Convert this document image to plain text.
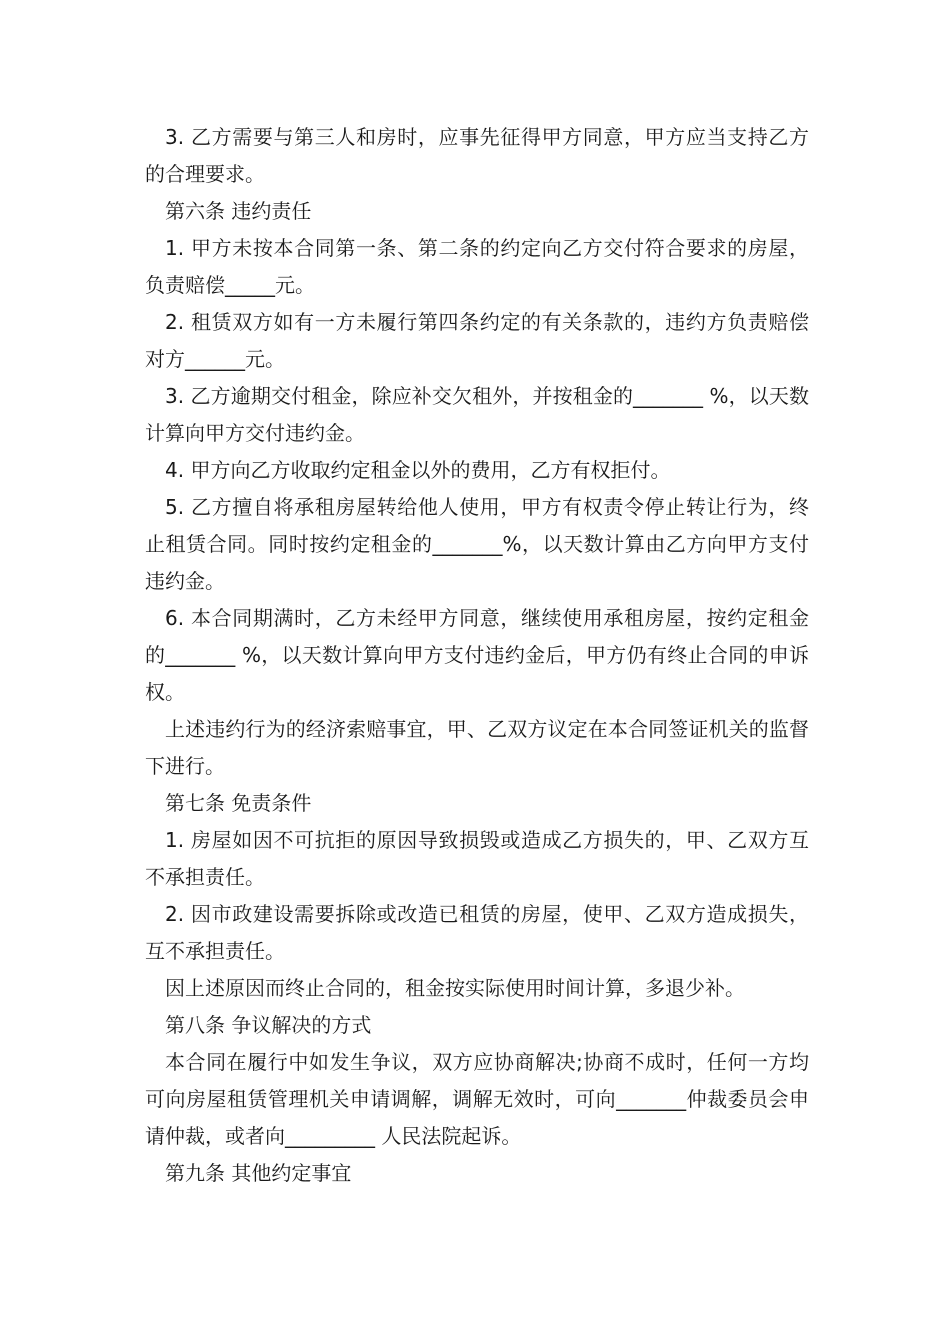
3. 乙方需要与第三人和房时，应事先征得甲方同意，甲方应当支持乙方的合理要求。

第六条 违约责任

1. 甲方未按本合同第一条、第二条的约定向乙方交付符合要求的房屋，负责赔偿_____元。

2. 租赁双方如有一方未履行第四条约定的有关条款的，违约方负责赔偿对方______元。

3. 乙方逾期交付租金，除应补交欠租外，并按租金的_______ %，以天数计算向甲方交付违约金。

4. 甲方向乙方收取约定租金以外的费用，乙方有权拒付。

5. 乙方擅自将承租房屋转给他人使用，甲方有权责令停止转让行为，终止租赁合同。同时按约定租金的_______%，以天数计算由乙方向甲方支付违约金。

6. 本合同期满时，乙方未经甲方同意，继续使用承租房屋，按约定租金的_______ %，以天数计算向甲方支付违约金后，甲方仍有终止合同的申诉权。

上述违约行为的经济索赔事宜，甲、乙双方议定在本合同签证机关的监督下进行。

第七条 免责条件

1. 房屋如因不可抗拒的原因导致损毁或造成乙方损失的，甲、乙双方互不承担责任。

2. 因市政建设需要拆除或改造已租赁的房屋，使甲、乙双方造成损失，互不承担责任。

因上述原因而终止合同的，租金按实际使用时间计算，多退少补。

第八条 争议解决的方式

本合同在履行中如发生争议，双方应协商解决;协商不成时，任何一方均可向房屋租赁管理机关申请调解，调解无效时，可向_______仲裁委员会申请仲裁，或者向_________ 人民法院起诉。

第九条 其他约定事宜
